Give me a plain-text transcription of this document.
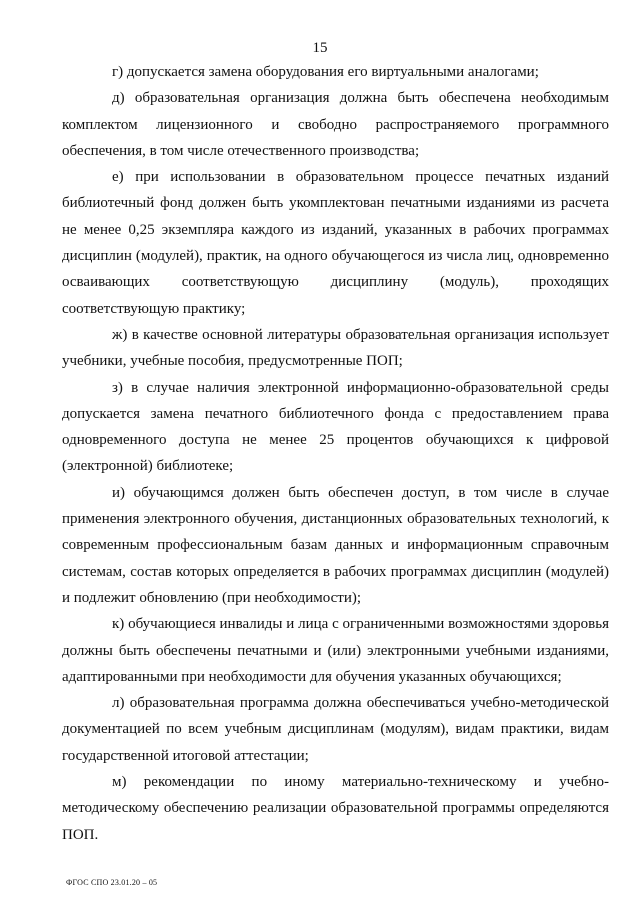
15

г) допускается замена оборудования его виртуальными аналогами;

д) образовательная организация должна быть обеспечена необходимым комплектом лицензионного и свободно распространяемого программного обеспечения, в том числе отечественного производства;

е) при использовании в образовательном процессе печатных изданий библиотечный фонд должен быть укомплектован печатными изданиями из расчета не менее 0,25 экземпляра каждого из изданий, указанных в рабочих программах дисциплин (модулей), практик, на одного обучающегося из числа лиц, одновременно осваивающих соответствующую дисциплину (модуль), проходящих соответствующую практику;

ж) в качестве основной литературы образовательная организация использует учебники, учебные пособия, предусмотренные ПОП;

з) в случае наличия электронной информационно-образовательной среды допускается замена печатного библиотечного фонда с предоставлением права одновременного доступа не менее 25 процентов обучающихся к цифровой (электронной) библиотеке;

и) обучающимся должен быть обеспечен доступ, в том числе в случае применения электронного обучения, дистанционных образовательных технологий, к современным профессиональным базам данных и информационным справочным системам, состав которых определяется в рабочих программах дисциплин (модулей) и подлежит обновлению (при необходимости);

к) обучающиеся инвалиды и лица с ограниченными возможностями здоровья должны быть обеспечены печатными и (или) электронными учебными изданиями, адаптированными при необходимости для обучения указанных обучающихся;

л) образовательная программа должна обеспечиваться учебно-методической документацией по всем учебным дисциплинам (модулям), видам практики, видам государственной итоговой аттестации;

м) рекомендации по иному материально-техническому и учебно-методическому обеспечению реализации образовательной программы определяются ПОП.

ФГОС СПО 23.01.20 – 05
